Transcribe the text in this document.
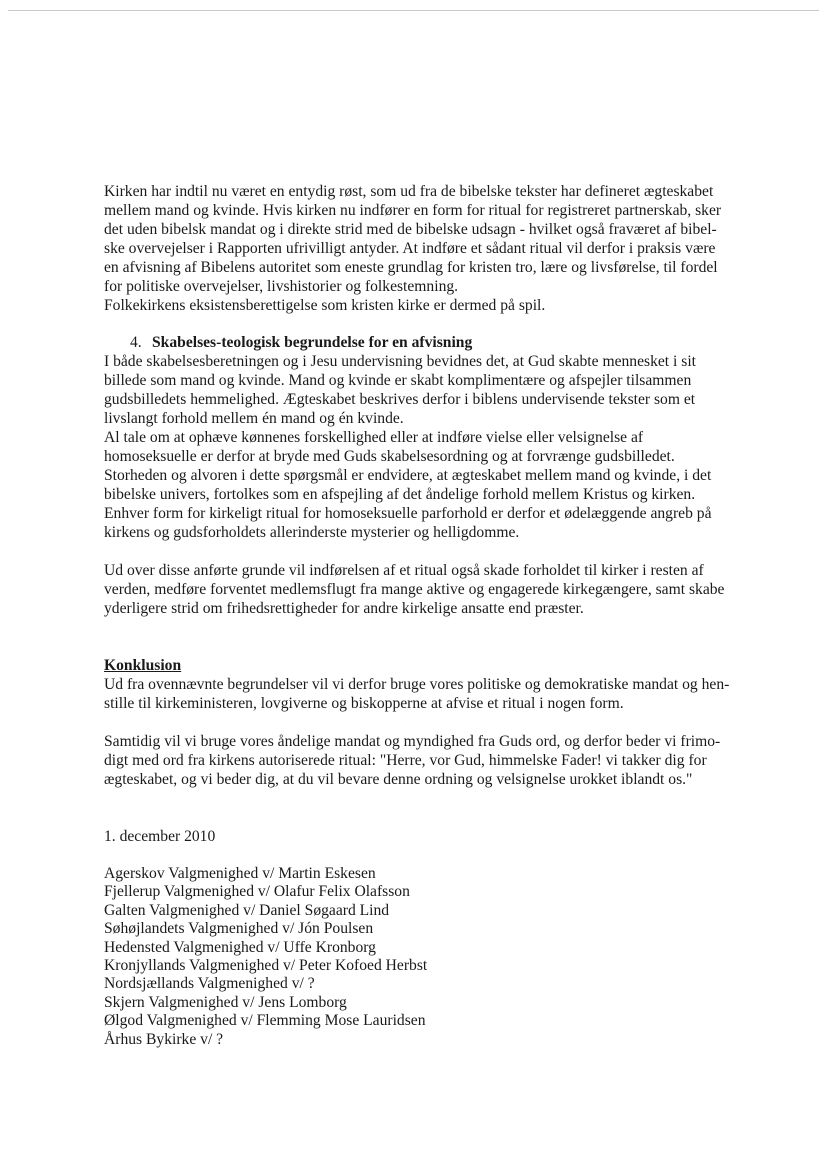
Kirken har indtil nu været en entydig røst, som ud fra de bibelske tekster har defineret ægteskabet
mellem mand og kvinde. Hvis kirken nu indfører en form for ritual for registreret partnerskab, sker
det uden bibelsk mandat og i direkte strid med de bibelske udsagn - hvilket også fraværet af bibel-
ske overvejelser i Rapporten ufrivilligt antyder. At indføre et sådant ritual vil derfor i praksis være
en afvisning af Bibelens autoritet som eneste grundlag for kristen tro, lære og livsførelse, til fordel
for politiske overvejelser, livshistorier og folkestemning.
Folkekirkens eksistensberettigelse som kristen kirke er dermed på spil.
4. Skabelses-teologisk begrundelse for en afvisning
I både skabelsesberetningen og i Jesu undervisning bevidnes det, at Gud skabte mennesket i sit
billede som mand og kvinde. Mand og kvinde er skabt komplimentære og afspejler tilsammen
gudsbilledets hemmelighed. Ægteskabet beskrives derfor i biblens undervisende tekster som et
livslangt forhold mellem én mand og én kvinde.
Al tale om at ophæve kønnenes forskellighed eller at indføre vielse eller velsignelse af
homoseksuelle er derfor at bryde med Guds skabelsesordning og at forvrænge gudsbilledet.
Storheden og alvoren i dette spørgsmål er endvidere, at ægteskabet mellem mand og kvinde, i det
bibelske univers, fortolkes som en afspejling af det åndelige forhold mellem Kristus og kirken.
Enhver form for kirkeligt ritual for homoseksuelle parforhold er derfor et ødelæggende angreb på
kirkens og gudsforholdets allerinderste mysterier og helligdomme.
Ud over disse anførte grunde vil indførelsen af et ritual også skade forholdet til kirker i resten af
verden, medføre forventet medlemsflugt fra mange aktive og engagerede kirkegængere, samt skabe
yderligere strid om frihedsrettigheder for andre kirkelige ansatte end præster.
Konklusion
Ud fra ovennævnte begrundelser vil vi derfor bruge vores politiske og demokratiske mandat og hen-
stille til kirkeministeren, lovgiverne og biskopperne at afvise et ritual i nogen form.
Samtidig vil vi bruge vores åndelige mandat og myndighed fra Guds ord, og derfor beder vi frimo-
digt med ord fra kirkens autoriserede ritual: "Herre, vor Gud, himmelske Fader! vi takker dig for
ægteskabet, og vi beder dig, at du vil bevare denne ordning og velsignelse urokket iblandt os."
1. december 2010
Agerskov Valgmenighed v/ Martin Eskesen
Fjellerup Valgmenighed v/ Olafur Felix Olafsson
Galten Valgmenighed v/ Daniel Søgaard Lind
Søhøjlandets Valgmenighed v/ Jón Poulsen
Hedensted Valgmenighed v/ Uffe Kronborg
Kronjyllands Valgmenighed v/ Peter Kofoed Herbst
Nordsjællands Valgmenighed v/ ?
Skjern Valgmenighed v/ Jens Lomborg
Ølgod Valgmenighed v/ Flemming Mose Lauridsen
Århus Bykirke v/ ?
